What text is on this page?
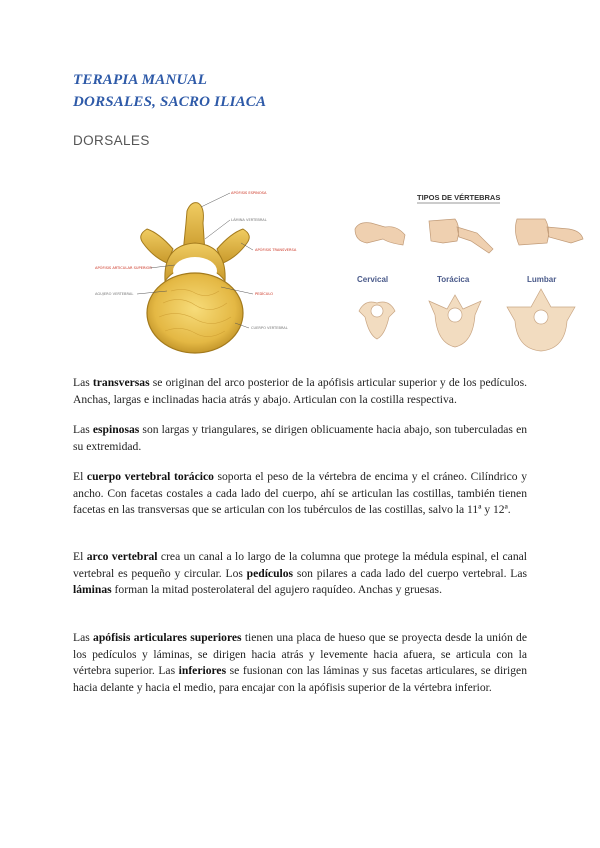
TERAPIA MANUAL
DORSALES, SACRO ILIACA
DORSALES
APÓFISIS ESPINOSA
LÁMINA VERTEBRAL
APÓFISIS TRANSVERSA
APÓFISIS ARTICULAR SUPERIOR
AGUJERO VERTEBRAL	PEDÍCULO
CUERPO VERTEBRAL
TIPOS DE VÉRTEBRAS
Cervical	Torácica	Lumbar
Las transversas se originan del arco posterior de la apófisis articular superior y de los pedículos. Anchas, largas e inclinadas hacia atrás y abajo. Articulan con la costilla respectiva.
Las espinosas son largas y triangulares, se dirigen oblicuamente hacia abajo, son tuberculadas en su extremidad.
El cuerpo vertebral torácico soporta el peso de la vértebra de encima y el cráneo. Cilíndrico y ancho. Con facetas costales a cada lado del cuerpo, ahí se articulan las costillas, también tienen facetas en las transversas que se articulan con los tubérculos de las costillas, salvo la 11ª y 12ª.
El arco vertebral crea un canal a lo largo de la columna que protege la médula espinal, el canal vertebral es pequeño y circular. Los pedículos son pilares a cada lado del cuerpo vertebral. Las láminas forman la mitad posterolateral del agujero raquídeo. Anchas y gruesas.
Las apófisis articulares superiores tienen una placa de hueso que se proyecta desde la unión de los pedículos y láminas, se dirigen hacia atrás y levemente hacia afuera, se articula con la vértebra superior. Las inferiores se fusionan con las láminas y sus facetas articulares, se dirigen hacia delante y hacia el medio, para encajar con la apófisis superior de la vértebra inferior.
